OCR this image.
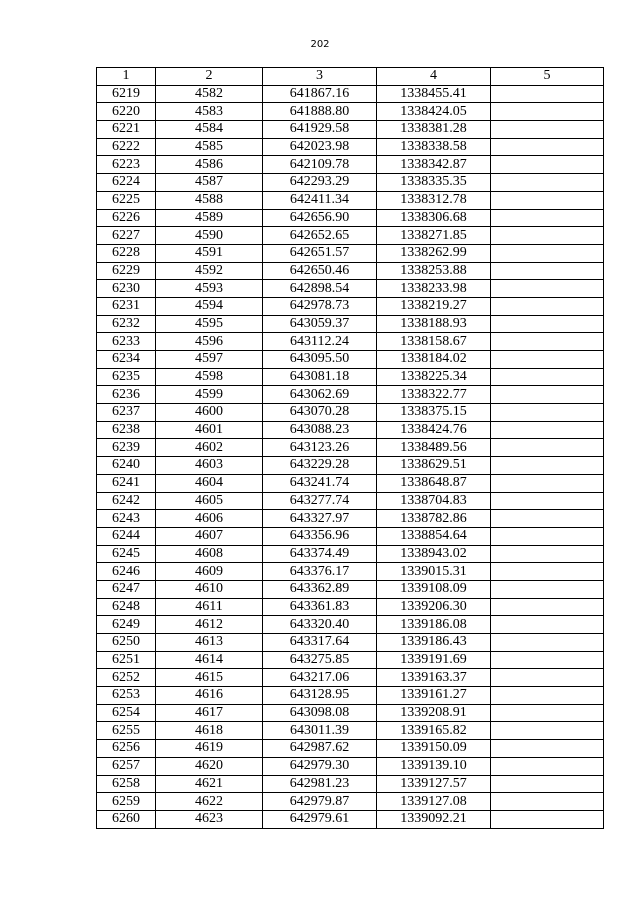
202
1	2	3	4	5
6219	4582	641867.16	1338455.41	
6220	4583	641888.80	1338424.05	
6221	4584	641929.58	1338381.28	
6222	4585	642023.98	1338338.58	
6223	4586	642109.78	1338342.87	
6224	4587	642293.29	1338335.35	
6225	4588	642411.34	1338312.78	
6226	4589	642656.90	1338306.68	
6227	4590	642652.65	1338271.85	
6228	4591	642651.57	1338262.99	
6229	4592	642650.46	1338253.88	
6230	4593	642898.54	1338233.98	
6231	4594	642978.73	1338219.27	
6232	4595	643059.37	1338188.93	
6233	4596	643112.24	1338158.67	
6234	4597	643095.50	1338184.02	
6235	4598	643081.18	1338225.34	
6236	4599	643062.69	1338322.77	
6237	4600	643070.28	1338375.15	
6238	4601	643088.23	1338424.76	
6239	4602	643123.26	1338489.56	
6240	4603	643229.28	1338629.51	
6241	4604	643241.74	1338648.87	
6242	4605	643277.74	1338704.83	
6243	4606	643327.97	1338782.86	
6244	4607	643356.96	1338854.64	
6245	4608	643374.49	1338943.02	
6246	4609	643376.17	1339015.31	
6247	4610	643362.89	1339108.09	
6248	4611	643361.83	1339206.30	
6249	4612	643320.40	1339186.08	
6250	4613	643317.64	1339186.43	
6251	4614	643275.85	1339191.69	
6252	4615	643217.06	1339163.37	
6253	4616	643128.95	1339161.27	
6254	4617	643098.08	1339208.91	
6255	4618	643011.39	1339165.82	
6256	4619	642987.62	1339150.09	
6257	4620	642979.30	1339139.10	
6258	4621	642981.23	1339127.57	
6259	4622	642979.87	1339127.08	
6260	4623	642979.61	1339092.21	
